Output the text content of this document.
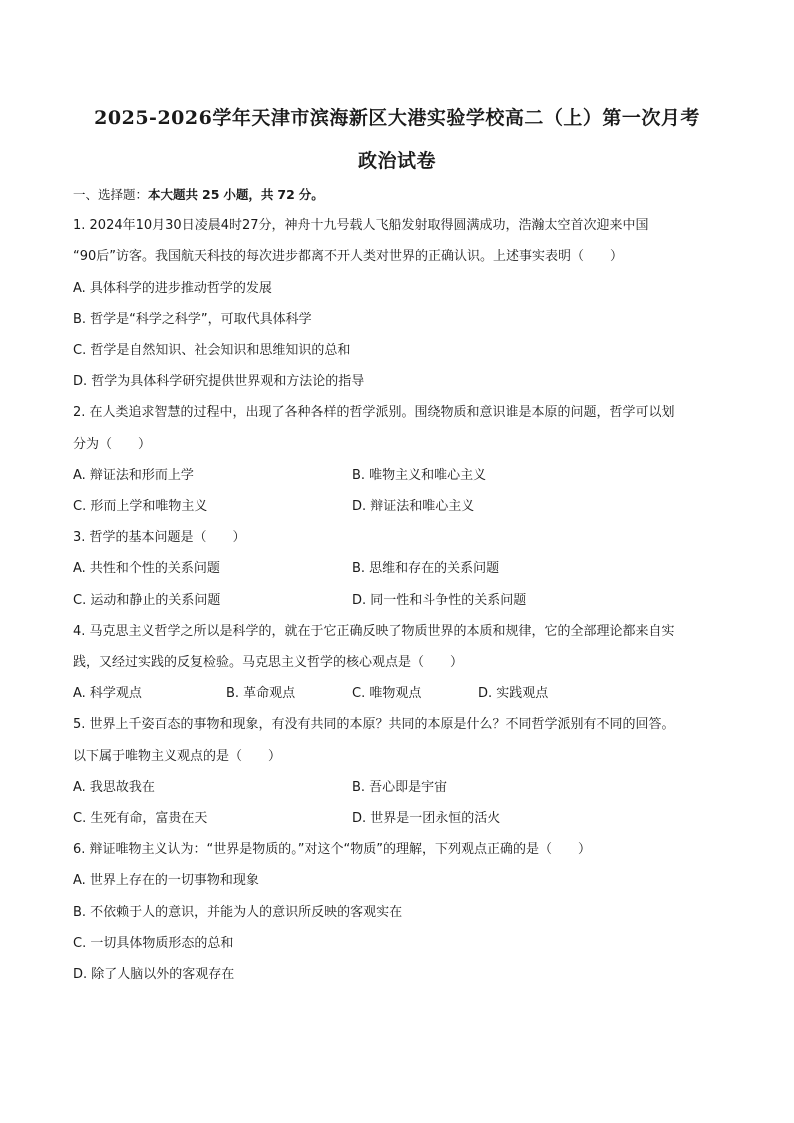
2025-2026学年天津市滨海新区大港实验学校高二（上）第一次月考
政治试卷
一、选择题：本大题共 25 小题，共 72 分。
1. 2024年10月30日凌晨4时27分，神舟十九号载人飞船发射取得圆满成功，浩瀚太空首次迎来中国
“90后”访客。我国航天科技的每次进步都离不开人类对世界的正确认识。上述事实表明（　　）
A. 具体科学的进步推动哲学的发展
B. 哲学是“科学之科学”，可取代具体科学
C. 哲学是自然知识、社会知识和思维知识的总和
D. 哲学为具体科学研究提供世界观和方法论的指导
2. 在人类追求智慧的过程中，出现了各种各样的哲学派别。围绕物质和意识谁是本原的问题，哲学可以划
分为（　　）
A. 辩证法和形而上学	B. 唯物主义和唯心主义
C. 形而上学和唯物主义	D. 辩证法和唯心主义
3. 哲学的基本问题是（　　）
A. 共性和个性的关系问题	B. 思维和存在的关系问题
C. 运动和静止的关系问题	D. 同一性和斗争性的关系问题
4. 马克思主义哲学之所以是科学的，就在于它正确反映了物质世界的本质和规律，它的全部理论都来自实
践，又经过实践的反复检验。马克思主义哲学的核心观点是（　　）
A. 科学观点	B. 革命观点	C. 唯物观点	D. 实践观点
5. 世界上千姿百态的事物和现象，有没有共同的本原？共同的本原是什么？不同哲学派别有不同的回答。
以下属于唯物主义观点的是（　　）
A. 我思故我在	B. 吾心即是宇宙
C. 生死有命，富贵在天	D. 世界是一团永恒的活火
6. 辩证唯物主义认为：“世界是物质的。”对这个“物质”的理解，下列观点正确的是（　　）
A. 世界上存在的一切事物和现象
B. 不依赖于人的意识，并能为人的意识所反映的客观实在
C. 一切具体物质形态的总和
D. 除了人脑以外的客观存在
